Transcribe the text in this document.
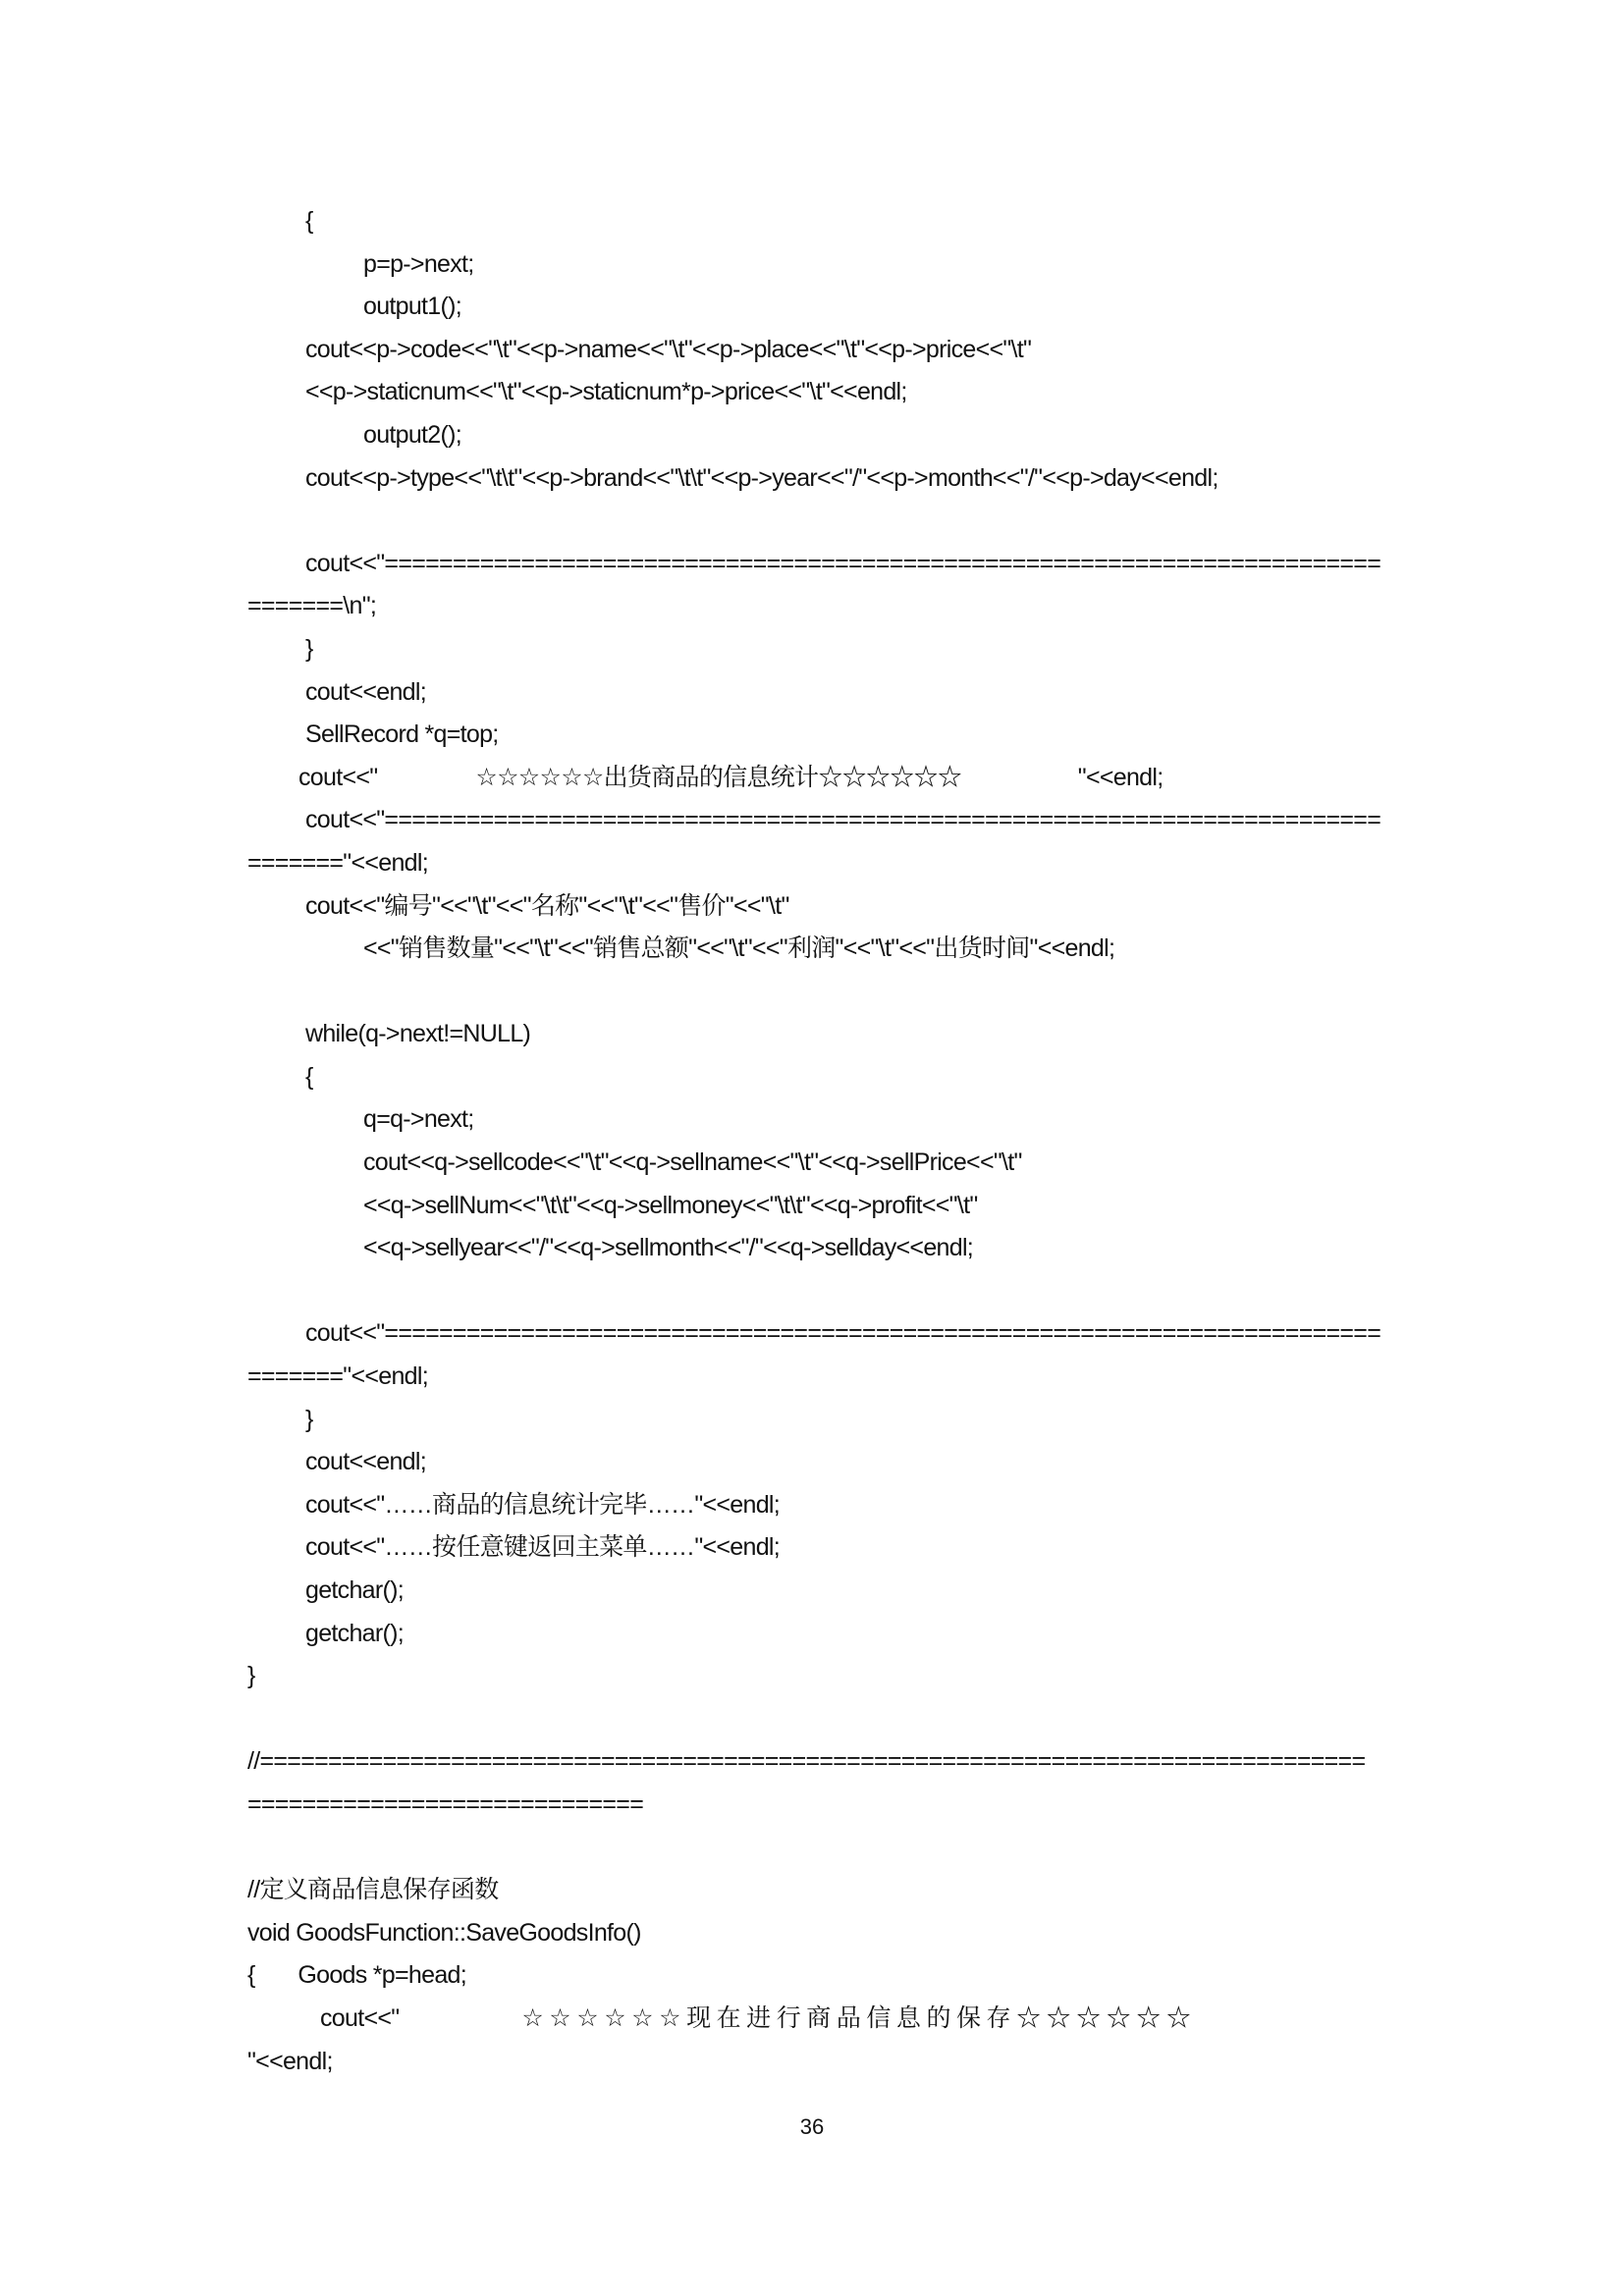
{
p=p->next;
output1();
cout<<p->code<<"\t"<<p->name<<"\t"<<p->place<<"\t"<<p->price<<"\t"
<<p->staticnum<<"\t"<<p->staticnum*p->price<<"\t"<<endl;
output2();
cout<<p->type<<"\t\t"<<p->brand<<"\t\t"<<p->year<<"/"<<p->month<<"/"<<p->day<<endl;
cout<<"=========================================================================
=======\n";
}
cout<<endl;
SellRecord *q=top;
cout<<"                ☆☆☆☆☆☆出货商品的信息统计☆☆☆☆☆☆                   "<<endl;
cout<<"=========================================================================
======="<<endl;
cout<<"编号"<<"\t"<<"名称"<<"\t"<<"售价"<<"\t"
<<"销售数量"<<"\t"<<"销售总额"<<"\t"<<"利润"<<"\t"<<"出货时间"<<endl;
while(q->next!=NULL)
{
q=q->next;
cout<<q->sellcode<<"\t"<<q->sellname<<"\t"<<q->sellPrice<<"\t"
<<q->sellNum<<"\t\t"<<q->sellmoney<<"\t\t"<<q->profit<<"\t"
<<q->sellyear<<"/"<<q->sellmonth<<"/"<<q->sellday<<endl;
cout<<"=========================================================================
======="<<endl;
}
cout<<endl;
cout<<"……商品的信息统计完毕……"<<endl;
cout<<"……按任意键返回主菜单……"<<endl;
getchar();
getchar();
}
//=================================================================================
=============================
//定义商品信息保存函数
void GoodsFunction::SaveGoodsInfo()
{       Goods *p=head;
cout<<"                    ☆ ☆ ☆ ☆ ☆ ☆ 现 在 进 行 商 品 信 息 的 保 存 ☆ ☆ ☆ ☆ ☆ ☆
"<<endl;
36
